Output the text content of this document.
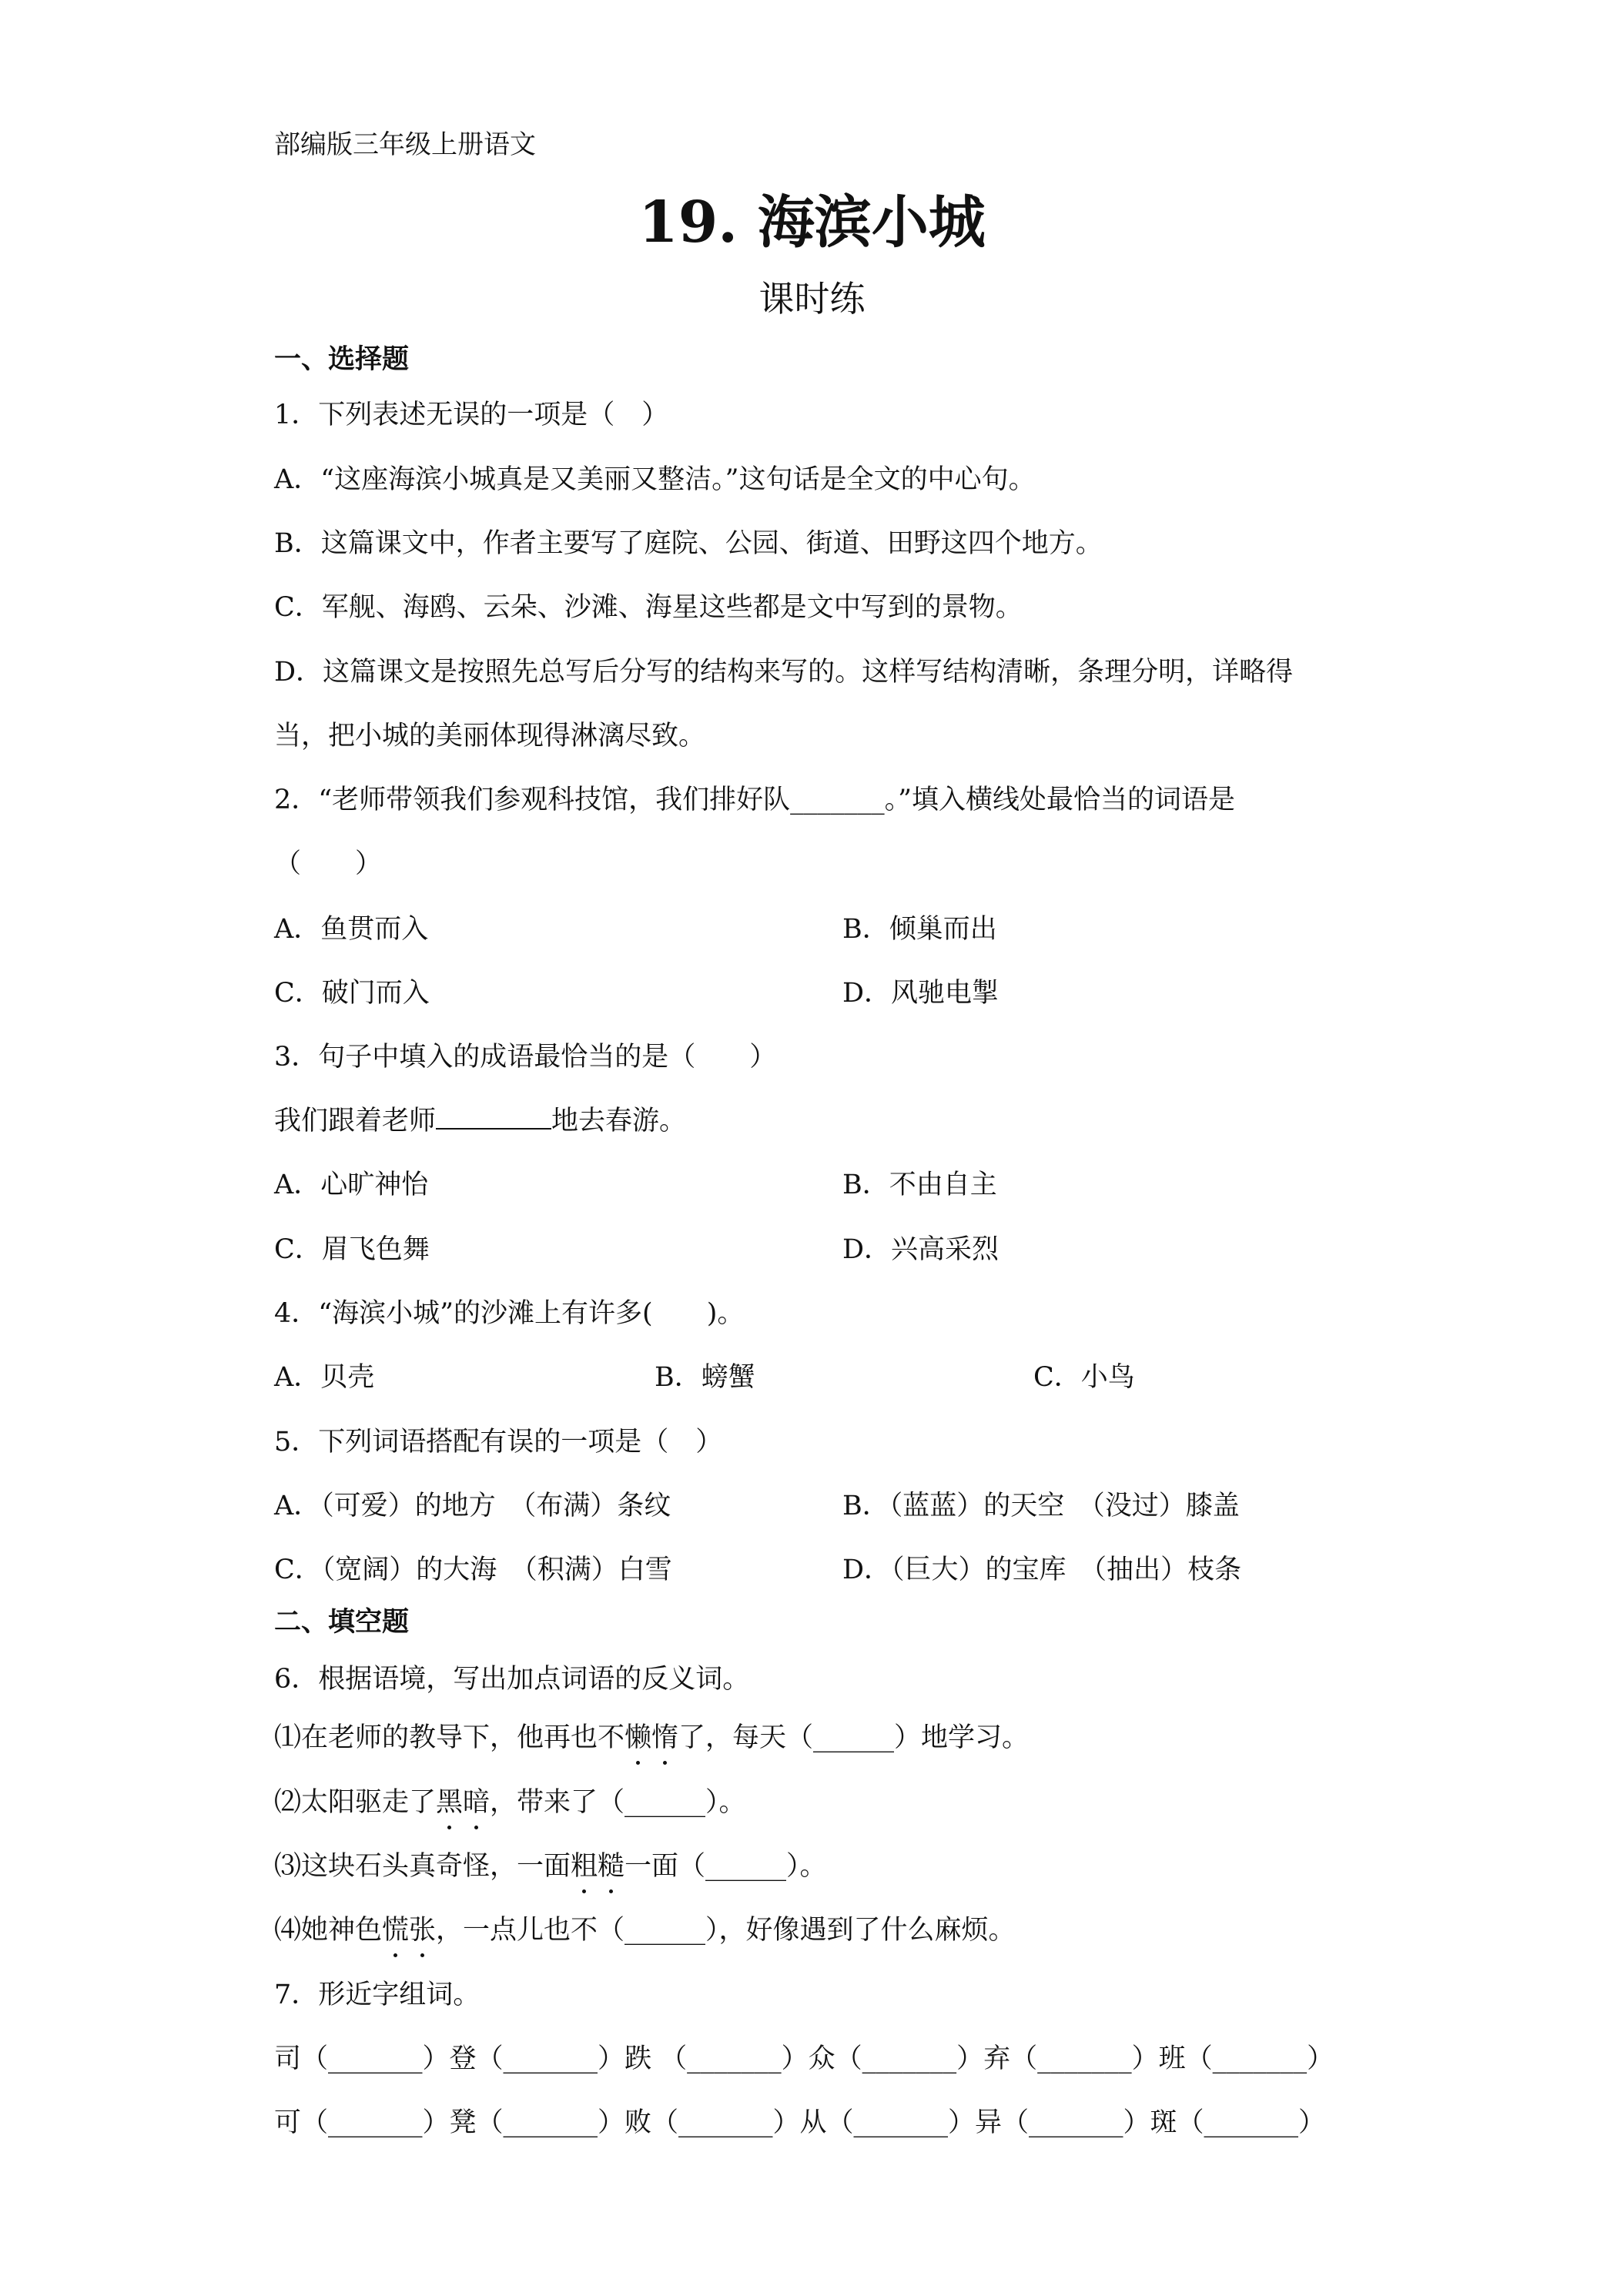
部编版三年级上册语文
19. 海滨小城
课时练
一、选择题
1．下列表述无误的一项是（　）
A．“这座海滨小城真是又美丽又整洁。”这句话是全文的中心句。
B．这篇课文中，作者主要写了庭院、公园、街道、田野这四个地方。
C．军舰、海鸥、云朵、沙滩、海星这些都是文中写到的景物。
D．这篇课文是按照先总写后分写的结构来写的。这样写结构清晰，条理分明，详略得
当，把小城的美丽体现得淋漓尽致。
2．“老师带领我们参观科技馆，我们排好队_______。”填入横线处最恰当的词语是
（　　）
A．鱼贯而入	B．倾巢而出
C．破门而入	D．风驰电掣
3．句子中填入的成语最恰当的是（　　）
我们跟着老师	地去春游。
A．心旷神怡	B．不由自主
C．眉飞色舞	D．兴高采烈
4．“海滨小城”的沙滩上有许多(　　)。
A．贝壳	B．螃蟹	C．小鸟
5．下列词语搭配有误的一项是（　）
A．（可爱）的地方　（布满）条纹	B．（蓝蓝）的天空　（没过）膝盖
C．（宽阔）的大海　（积满）白雪	D．（巨大）的宝库　（抽出）枝条
二、填空题
6．根据语境，写出加点词语的反义词。
⑴在老师的教导下，他再也不懒惰了，每天（______）地学习。
⑵太阳驱走了黑暗，带来了（______）。
⑶这块石头真奇怪，一面粗糙一面（______）。
⑷她神色慌张，一点儿也不（______），好像遇到了什么麻烦。
7．形近字组词。
司（_______）登（_______）跌 （_______）众（_______）弃（_______）班（_______）
可（_______）凳（_______）败（_______）从（_______）异（_______）斑（_______）
